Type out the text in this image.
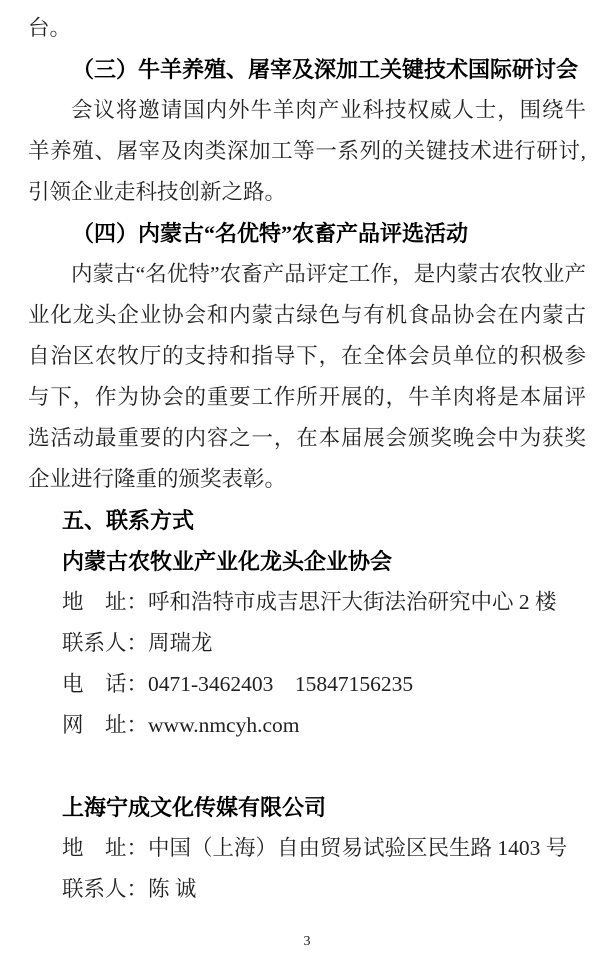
台。

（三）牛羊养殖、屠宰及深加工关键技术国际研讨会

会议将邀请国内外牛羊肉产业科技权威人士，围绕牛羊养殖、屠宰及肉类深加工等一系列的关键技术进行研讨,引领企业走科技创新之路。

（四）内蒙古“名优特”农畜产品评选活动

内蒙古“名优特”农畜产品评定工作，是内蒙古农牧业产业化龙头企业协会和内蒙古绿色与有机食品协会在内蒙古自治区农牧厅的支持和指导下，在全体会员单位的积极参与下，作为协会的重要工作所开展的，牛羊肉将是本届评选活动最重要的内容之一，在本届展会颁奖晚会中为获奖企业进行隆重的颁奖表彰。

五、联系方式
内蒙古农牧业产业化龙头企业协会
地　址：呼和浩特市成吉思汗大街法治研究中心 2 楼
联系人：周瑞龙
电　话：0471-3462403　15847156235
网　址：www.nmcyh.com
上海宁成文化传媒有限公司
地　址：中国（上海）自由贸易试验区民生路 1403 号
联系人：陈 诚
3
